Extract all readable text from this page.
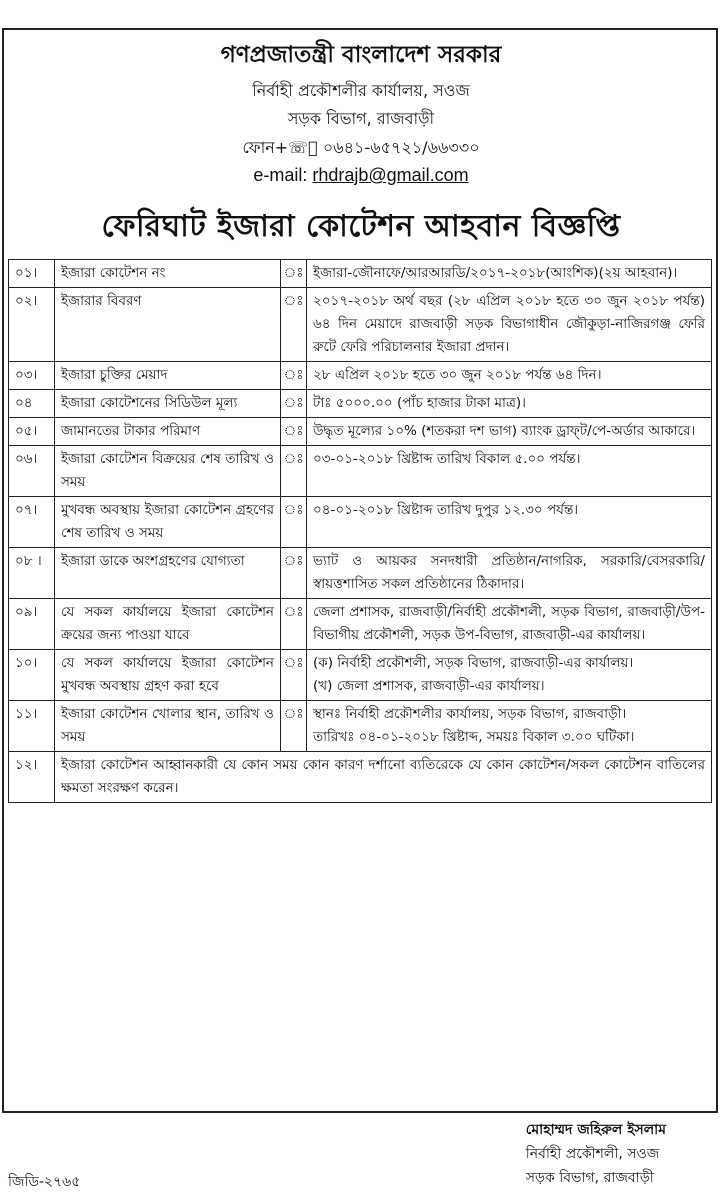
গণপ্রজাতন্ত্রী বাংলাদেশ সরকার
নির্বাহী প্রকৌশলীর কার্যালয়, সওজ
সড়ক বিভাগ, রাজবাড়ী
ফোন+☏ঃ ০৬৪১-৬৫৭২১/৬৬৩৩০
e-mail: rhdrajb@gmail.com
ফেরিঘাট ইজারা কোটেশন আহবান বিজ্ঞপ্তি
০১।	ইজারা কোটেশন নং	ঃ	ইজারা-জৌনাফে/আরআরডি/২০১৭-২০১৮(আংশিক)(২য় আহবান)।

০২।	ইজারার বিবরণ	ঃ	২০১৭-২০১৮ অর্থ বছর (২৮ এপ্রিল ২০১৮ হতে ৩০ জুন ২০১৮ পর্যন্ত) ৬৪ দিন মেয়াদে রাজবাড়ী সড়ক বিভাগাধীন জৌকুড়া-নাজিরগঞ্জ ফেরি রুটে ফেরি পরিচালনার ইজারা প্রদান।

০৩।	ইজারা চুক্তির মেয়াদ	ঃ	২৮ এপ্রিল ২০১৮ হতে ৩০ জুন ২০১৮ পর্যন্ত ৬৪ দিন।

০৪	ইজারা কোটেশনের সিডিউল মূল্য	ঃ	টাঃ ৫০০০.০০ (পাঁচ হাজার টাকা মাত্র)।

০৫।	জামানতের টাকার পরিমাণ	ঃ	উদ্ধৃত মূল্যের ১০% (শতকরা দশ ভাগ) ব্যাংক ড্রাফ্‌ট/পে-অর্ডার আকারে।

০৬।	ইজারা কোটেশন বিক্রয়ের শেষ তারিখ ও সময়	ঃ	০৩-০১-২০১৮ খ্রিষ্টাব্দ তারিখ বিকাল ৫.০০ পর্যন্ত।

০৭।	মুখবন্ধ অবস্থায় ইজারা কোটেশন গ্রহণের শেষ তারিখ ও সময়	ঃ	০৪-০১-২০১৮ খ্রিষ্টাব্দ তারিখ দুপুর ১২.৩০ পর্যন্ত।

০৮ ।	ইজারা ডাকে অংশগ্রহণের যোগ্যতা	ঃ	ভ্যাট ও আয়কর সনদধারী প্রতিষ্ঠান/নাগরিক, সরকারি/বেসরকারি/স্বায়ত্তশাসিত সকল প্রতিষ্ঠানের ঠিকাদার।

০৯।	যে সকল কার্যালয়ে ইজারা কোটেশন ক্রয়ের জন্য পাওয়া যাবে	ঃ	জেলা প্রশাসক, রাজবাড়ী/নির্বাহী প্রকৌশলী, সড়ক বিভাগ, রাজবাড়ী/উপ-বিভাগীয় প্রকৌশলী, সড়ক উপ-বিভাগ, রাজবাড়ী-এর কার্যালয়।

১০।	যে সকল কার্যালয়ে ইজারা কোটেশন মুখবন্ধ অবস্থায় গ্রহণ করা হবে	ঃ	(ক) নির্বাহী প্রকৌশলী, সড়ক বিভাগ, রাজবাড়ী-এর কার্যালয়।
(খ) জেলা প্রশাসক, রাজবাড়ী-এর কার্যালয়।

১১।	ইজারা কোটেশন খোলার স্থান, তারিখ ও সময়	ঃ	স্থানঃ নির্বাহী প্রকৌশলীর কার্যালয়, সড়ক বিভাগ, রাজবাড়ী।
তারিখঃ ০৪-০১-২০১৮ খ্রিষ্টাব্দ, সময়ঃ বিকাল ৩.০০ ঘটিকা।

১২।	ইজারা কোটেশন আহ্বানকারী যে কোন সময় কোন কারণ দর্শানো ব্যতিরেকে যে কোন কোটেশন/সকল কোটেশন বাতিলের ক্ষমতা সংরক্ষণ করেন।		
মোহাম্মদ জহিরুল ইসলাম
নির্বাহী প্রকৌশলী, সওজ
সড়ক বিভাগ, রাজবাড়ী
জিডি-২৭৬৫
